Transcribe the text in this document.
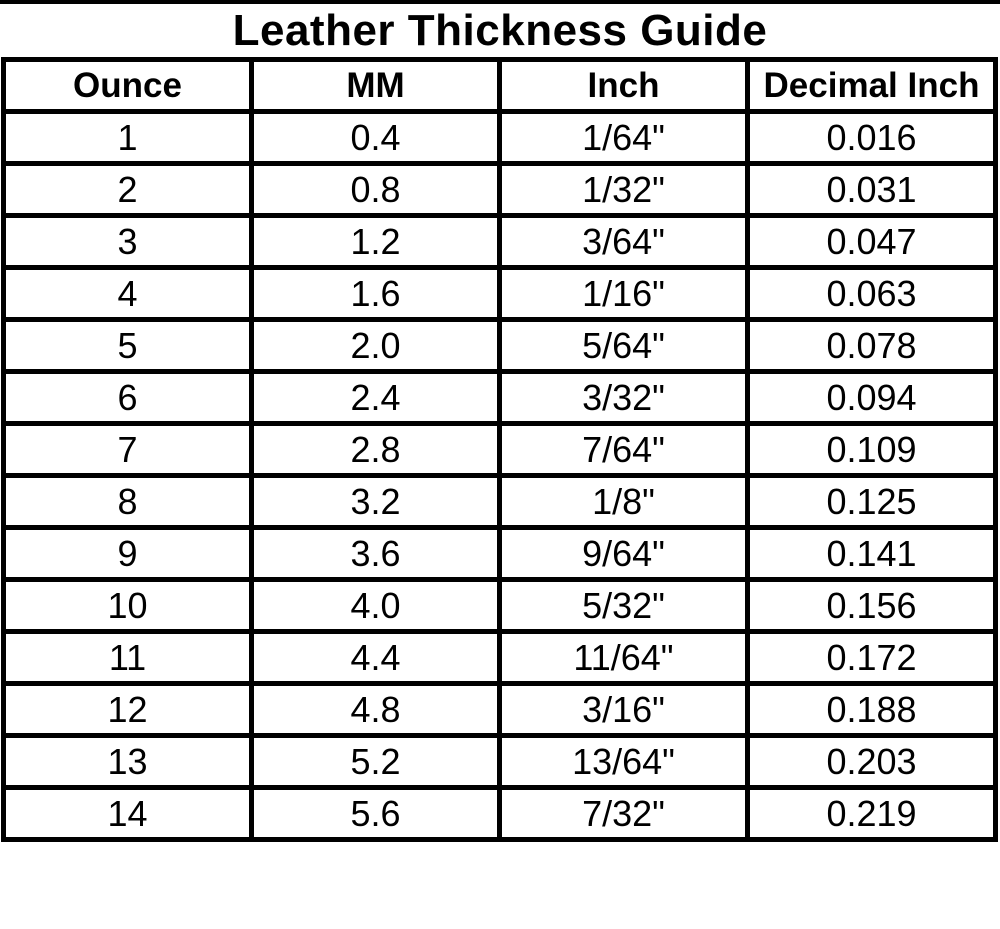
Leather Thickness Guide
Ounce	MM	Inch	Decimal Inch
1	0.4	1/64"	0.016
2	0.8	1/32"	0.031
3	1.2	3/64"	0.047
4	1.6	1/16"	0.063
5	2.0	5/64"	0.078
6	2.4	3/32"	0.094
7	2.8	7/64"	0.109
8	3.2	1/8"	0.125
9	3.6	9/64"	0.141
10	4.0	5/32"	0.156
11	4.4	11/64"	0.172
12	4.8	3/16"	0.188
13	5.2	13/64"	0.203
14	5.6	7/32"	0.219
